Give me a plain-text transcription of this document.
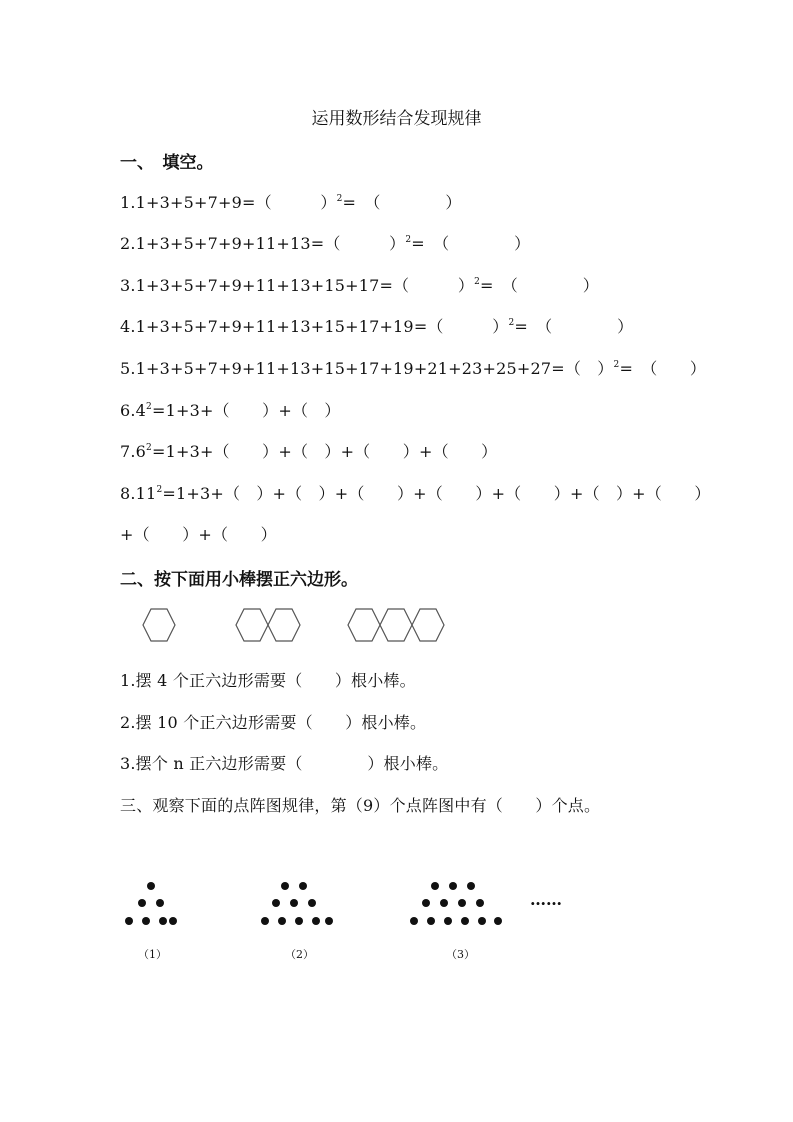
运用数形结合发现规律
一、　填空。
1.1+3+5+7+9=（　　　）$^2$=　（　　　　）
2.1+3+5+7+9+11+13=（　　　）$^2$=　（　　　　）
3.1+3+5+7+9+11+13+15+17=（　　　）$^2$=　（　　　　）
4.1+3+5+7+9+11+13+15+17+19=（　　　）$^2$=　（　　　　）
5.1+3+5+7+9+11+13+15+17+19+21+23+25+27=（　）$^2$=　（　　）
$6.4^2=1+3+$（　　）+（　）
$7.6^2=1+3+$（　　）+（　）+（　　）+（　　）
$8.11^2=1+3+$（　）+（　）+（　　）+（　　）+（　　）+（　）+（　　）
+（　　）+（　　）
二、按下面用小棒摆正六边形。
1.摆 4 个正六边形需要（　　）根小棒。
2.摆 10 个正六边形需要（　　）根小棒。
3.摆个 n 正六边形需要（　　　　）根小棒。
三、观察下面的点阵图规律，第（9）个点阵图中有（　　）个点。
……
（1）	（2）	（3）
